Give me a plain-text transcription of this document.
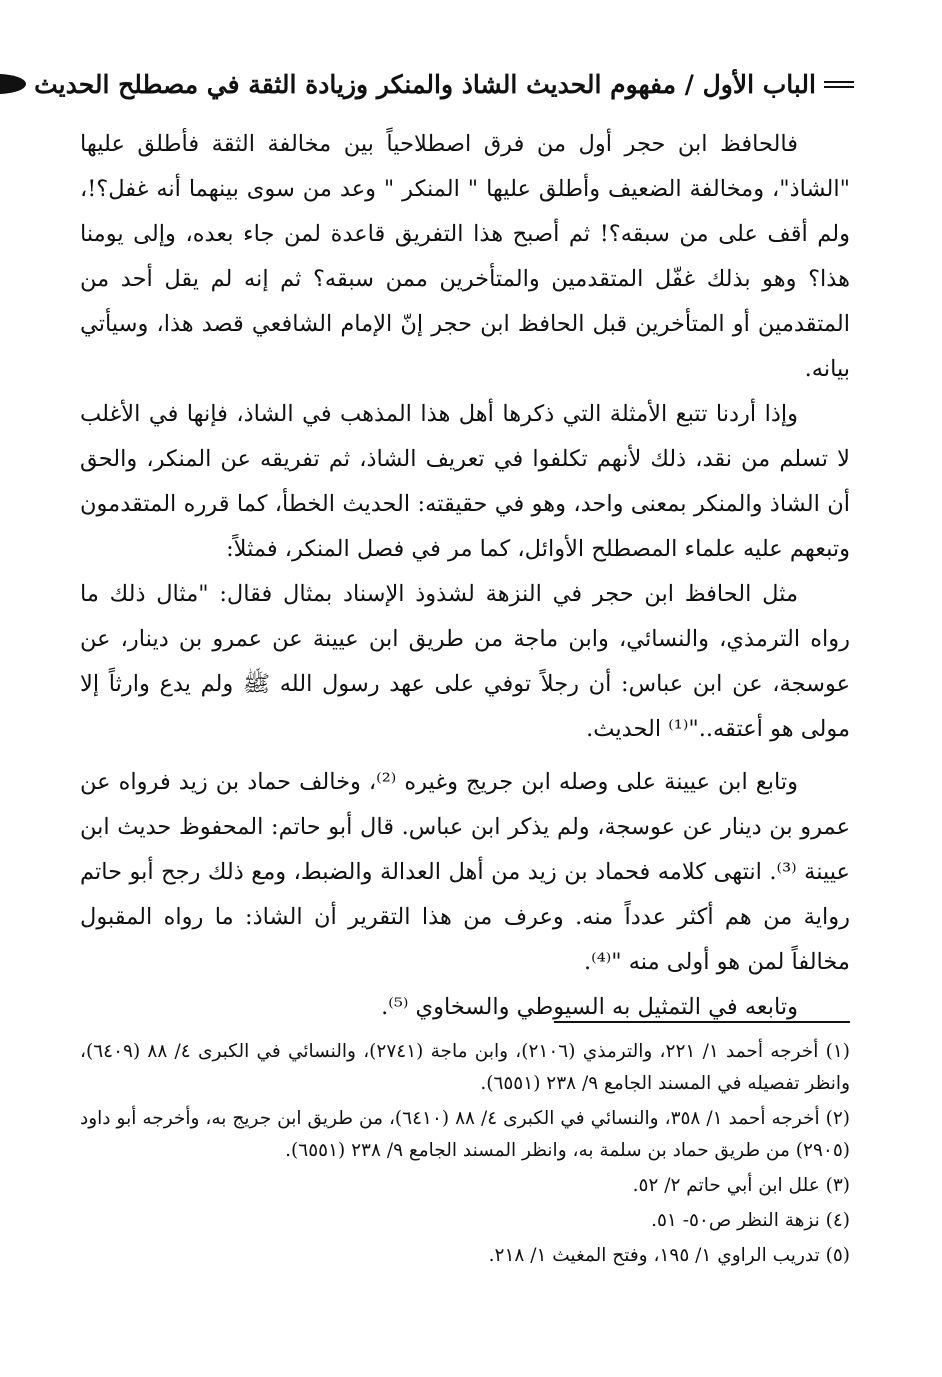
الباب الأول / مفهوم الحديث الشاذ والمنكر وزيادة الثقة في مصطلح الحديث

فالحافظ ابن حجر أول من فرق اصطلاحياً بين مخالفة الثقة فأطلق عليها "الشاذ"، ومخالفة الضعيف وأطلق عليها " المنكر " وعد من سوى بينهما أنه غفل؟!، ولم أقف على من سبقه؟! ثم أصبح هذا التفريق قاعدة لمن جاء بعده، وإلى يومنا هذا؟ وهو بذلك غفّل المتقدمين والمتأخرين ممن سبقه؟ ثم إنه لم يقل أحد من المتقدمين أو المتأخرين قبل الحافظ ابن حجر إنّ الإمام الشافعي قصد هذا، وسيأتي بيانه.

وإذا أردنا تتبع الأمثلة التي ذكرها أهل هذا المذهب في الشاذ، فإنها في الأغلب لا تسلم من نقد، ذلك لأنهم تكلفوا في تعريف الشاذ، ثم تفريقه عن المنكر، والحق أن الشاذ والمنكر بمعنى واحد، وهو في حقيقته: الحديث الخطأ، كما قرره المتقدمون وتبعهم عليه علماء المصطلح الأوائل، كما مر في فصل المنكر، فمثلاً:

مثل الحافظ ابن حجر في النزهة لشذوذ الإسناد بمثال فقال: "مثال ذلك ما رواه الترمذي، والنسائي، وابن ماجة من طريق ابن عيينة عن عمرو بن دينار، عن عوسجة، عن ابن عباس: أن رجلاً توفي على عهد رسول الله ﷺ ولم يدع وارثاً إلا مولى هو أعتقه.."⁽¹⁾ الحديث.

وتابع ابن عيينة على وصله ابن جريج وغيره ⁽²⁾، وخالف حماد بن زيد فرواه عن عمرو بن دينار عن عوسجة، ولم يذكر ابن عباس. قال أبو حاتم: المحفوظ حديث ابن عيينة ⁽³⁾. انتهى كلامه فحماد بن زيد من أهل العدالة والضبط، ومع ذلك رجح أبو حاتم رواية من هم أكثر عدداً منه. وعرف من هذا التقرير أن الشاذ: ما رواه المقبول مخالفاً لمن هو أولى منه "⁽⁴⁾.

وتابعه في التمثيل به السيوطي والسخاوي ⁽⁵⁾.

(١) أخرجه أحمد ١/ ٢٢١، والترمذي (٢١٠٦)، وابن ماجة (٢٧٤١)، والنسائي في الكبرى ٤/ ٨٨ (٦٤٠٩)، وانظر تفصيله في المسند الجامع ٩/ ٢٣٨ (٦٥٥١).

(٢) أخرجه أحمد ١/ ٣٥٨، والنسائي في الكبرى ٤/ ٨٨ (٦٤١٠)، من طريق ابن جريج به، وأخرجه أبو داود (٢٩٠٥) من طريق حماد بن سلمة به، وانظر المسند الجامع ٩/ ٢٣٨ (٦٥٥١).

(٣) علل ابن أبي حاتم ٢/ ٥٢.

(٤) نزهة النظر ص٥٠- ٥١.

(٥) تدريب الراوي ١/ ١٩٥، وفتح المغيث ١/ ٢١٨.
